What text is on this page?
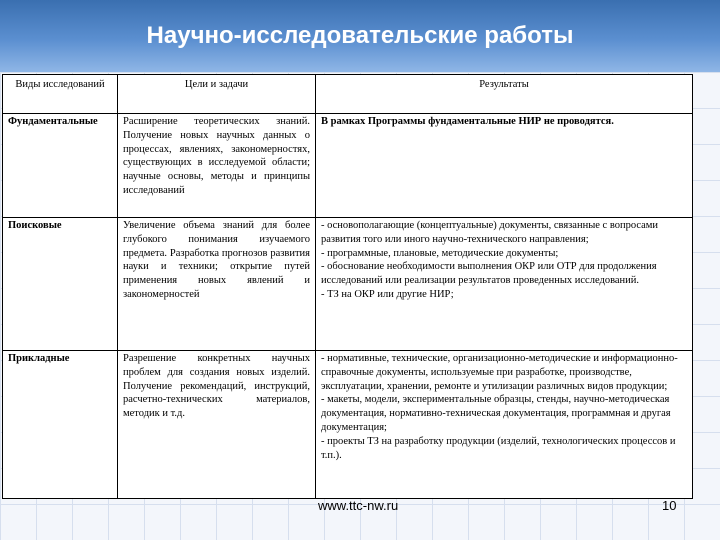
Научно-исследовательские работы
Виды исследований	Цели и задачи	Результаты
Фундаментальные	Расширение теоретических знаний. Получение новых научных данных о процессах, явлениях, закономерностях, существующих в исследуемой области; научные основы, методы и принципы исследований	В рамках Программы фундаментальные НИР не проводятся.

Поисковые	Увеличение объема знаний для более глубокого понимания изучаемого предмета. Разработка прогнозов развития науки и техники; открытие путей применения новых явлений и закономерностей	- основополагающие (концептуальные) документы, связанные с вопросами развития того или иного научно-технического направления;
- программные, плановые, методические документы;
- обоснование необходимости выполнения ОКР или ОТР для продолжения исследований или реализации результатов проведенных исследований.
- ТЗ на ОКР или другие НИР;

Прикладные	Разрешение конкретных научных проблем для создания новых изделий. Получение рекомендаций, инструкций, расчетно-технических материалов, методик и т.д.	- нормативные, технические, организационно-методические и информационно-справочные документы, используемые при разработке, производстве, эксплуатации, хранении, ремонте и утилизации различных видов продукции;
- макеты, модели, экспериментальные образцы, стенды, научно-методическая документация, нормативно-техническая документация, программная и другая документация;
- проекты ТЗ на разработку продукции (изделий, технологических процессов и т.п.).
www.ttc-nw.ru	10
